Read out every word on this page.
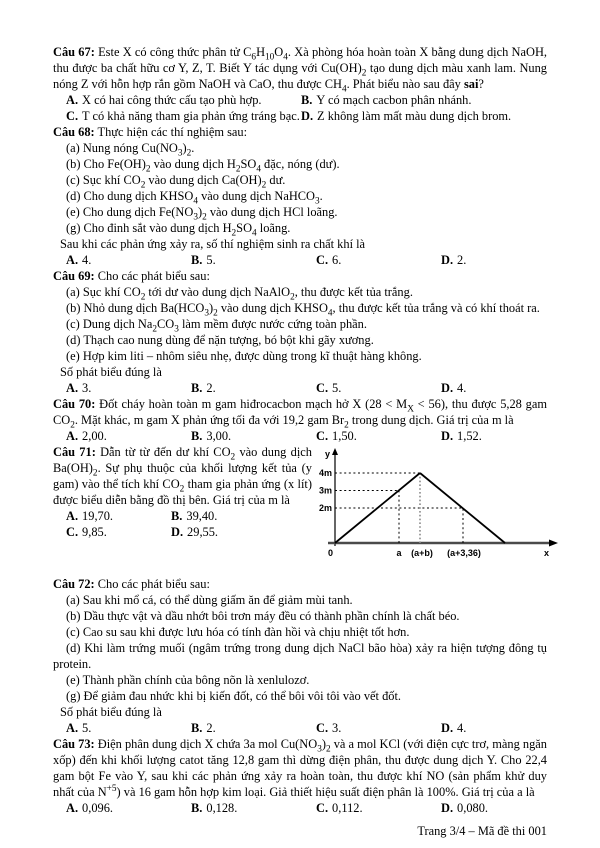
Câu 67: Este X có công thức phân tử $C_6H_{10}O_4$. Xà phòng hóa hoàn toàn X bằng dung dịch NaOH, thu được ba chất hữu cơ Y, Z, T. Biết Y tác dụng với $Cu(OH)_2$ tạo dung dịch màu xanh lam. Nung nóng Z với hỗn hợp rắn gồm NaOH và CaO, thu được $CH_4$. Phát biểu nào sau đây sai?

A. X có hai công thức cấu tạo phù hợp.	B. Y có mạch cacbon phân nhánh.
C. T có khả năng tham gia phản ứng tráng bạc. D. Z không làm mất màu dung dịch brom.

Câu 68: Thực hiện các thí nghiệm sau:

(a) Nung nóng $Cu(NO_3)_2$.

(b) Cho $Fe(OH)_2$ vào dung dịch $H_2SO_4$ đặc, nóng (dư).

(c) Sục khí $CO_2$ vào dung dịch $Ca(OH)_2$ dư.

(d) Cho dung dịch $KHSO_4$ vào dung dịch NaHCO$_3$.

(e) Cho dung dịch $Fe(NO_3)_2$ vào dung dịch HCl loãng.

(g) Cho đinh sắt vào dung dịch $H_2SO_4$ loãng.

Sau khi các phản ứng xảy ra, số thí nghiệm sinh ra chất khí là

A. 4.	B. 5.	C. 6.	D. 2.

Câu 69: Cho các phát biểu sau:

(a) Sục khí $CO_2$ tới dư vào dung dịch NaAlO$_2$, thu được kết tủa trắng.

(b) Nhỏ dung dịch $Ba(HCO_3)_2$ vào dung dịch $KHSO_4$, thu được kết tủa trắng và có khí thoát ra.

(c) Dung dịch $Na_2CO_3$ làm mềm được nước cứng toàn phần.

(d) Thạch cao nung dùng để nặn tượng, bó bột khi gãy xương.

(e) Hợp kim liti – nhôm siêu nhẹ, được dùng trong kĩ thuật hàng không.

Số phát biểu đúng là

A. 3.	B. 2.	C. 5.	D. 4.

Câu 70: Đốt cháy hoàn toàn m gam hiđrocacbon mạch hở X $(28 < M_X < 56)$, thu được 5,28 gam $CO_2$. Mặt khác, m gam X phản ứng tối đa với 19,2 gam $Br_2$ trong dung dịch. Giá trị của m là

A. 2,00.	B. 3,00.	C. 1,50.	D. 1,52.
y
4m
3m
2m
0	a (a+b) (a+3,36)	x

Câu 71: Dẫn từ từ đến dư khí $CO_2$ vào dung dịch $Ba(OH)_2$. Sự phụ thuộc của khối lượng kết tủa (y gam) vào thể tích khí $CO_2$ tham gia phản ứng (x lít) được biểu diễn bằng đồ thị bên. Giá trị của m là

A. 19,70.	B. 39,40.
C. 9,85.	D. 29,55.

Câu 72: Cho các phát biểu sau:

(a) Sau khi mổ cá, có thể dùng giấm ăn để giảm mùi tanh.

(b) Dầu thực vật và dầu nhớt bôi trơn máy đều có thành phần chính là chất béo.

(c) Cao su sau khi được lưu hóa có tính đàn hồi và chịu nhiệt tốt hơn.

(d) Khi làm trứng muối (ngâm trứng trong dung dịch NaCl bão hòa) xảy ra hiện tượng đông tụ protein.

(e) Thành phần chính của bông nõn là xenlulozơ.

(g) Để giảm đau nhức khi bị kiến đốt, có thể bôi vôi tôi vào vết đốt.

Số phát biểu đúng là

A. 5.	B. 2.	C. 3.	D. 4.

Câu 73: Điện phân dung dịch X chứa 3a mol $Cu(NO_3)_2$ và a mol KCl (với điện cực trơ, màng ngăn xốp) đến khi khối lượng catot tăng 12,8 gam thì dừng điện phân, thu được dung dịch Y. Cho 22,4 gam bột Fe vào Y, sau khi các phản ứng xảy ra hoàn toàn, thu được khí NO (sản phẩm khử duy nhất của $N^{+5}$) và 16 gam hỗn hợp kim loại. Giả thiết hiệu suất điện phân là 100%. Giá trị của a là

A. 0,096.	B. 0,128.	C. 0,112.	D. 0,080.

Trang 3/4 – Mã đề thi 001
